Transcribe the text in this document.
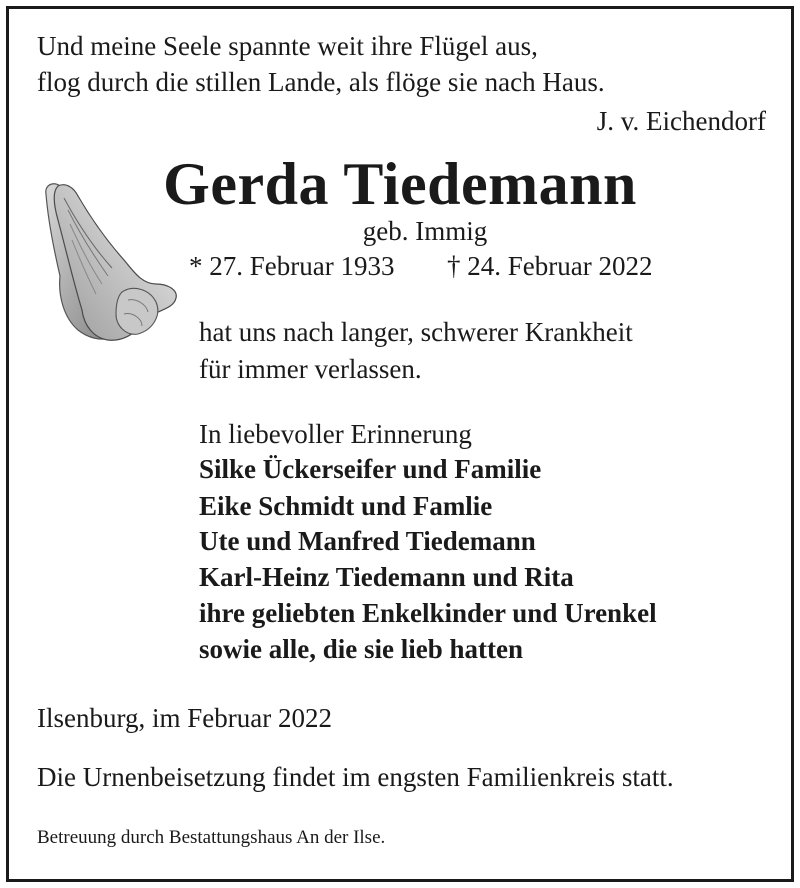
Und meine Seele spannte weit ihre Flügel aus,
flog durch die stillen Lande, als flöge sie nach Haus.
J. v. Eichendorf
Gerda Tiedemann
geb. Immig
* 27. Februar 1933 † 24. Februar 2022
hat uns nach langer, schwerer Krankheit
für immer verlassen.
In liebevoller Erinnerung
Silke Ückerseifer und Familie
Eike Schmidt und Famlie
Ute und Manfred Tiedemann
Karl-Heinz Tiedemann und Rita
ihre geliebten Enkelkinder und Urenkel
sowie alle, die sie lieb hatten
Ilsenburg, im Februar 2022
Die Urnenbeisetzung findet im engsten Familienkreis statt.
Betreuung durch Bestattungshaus An der Ilse.
